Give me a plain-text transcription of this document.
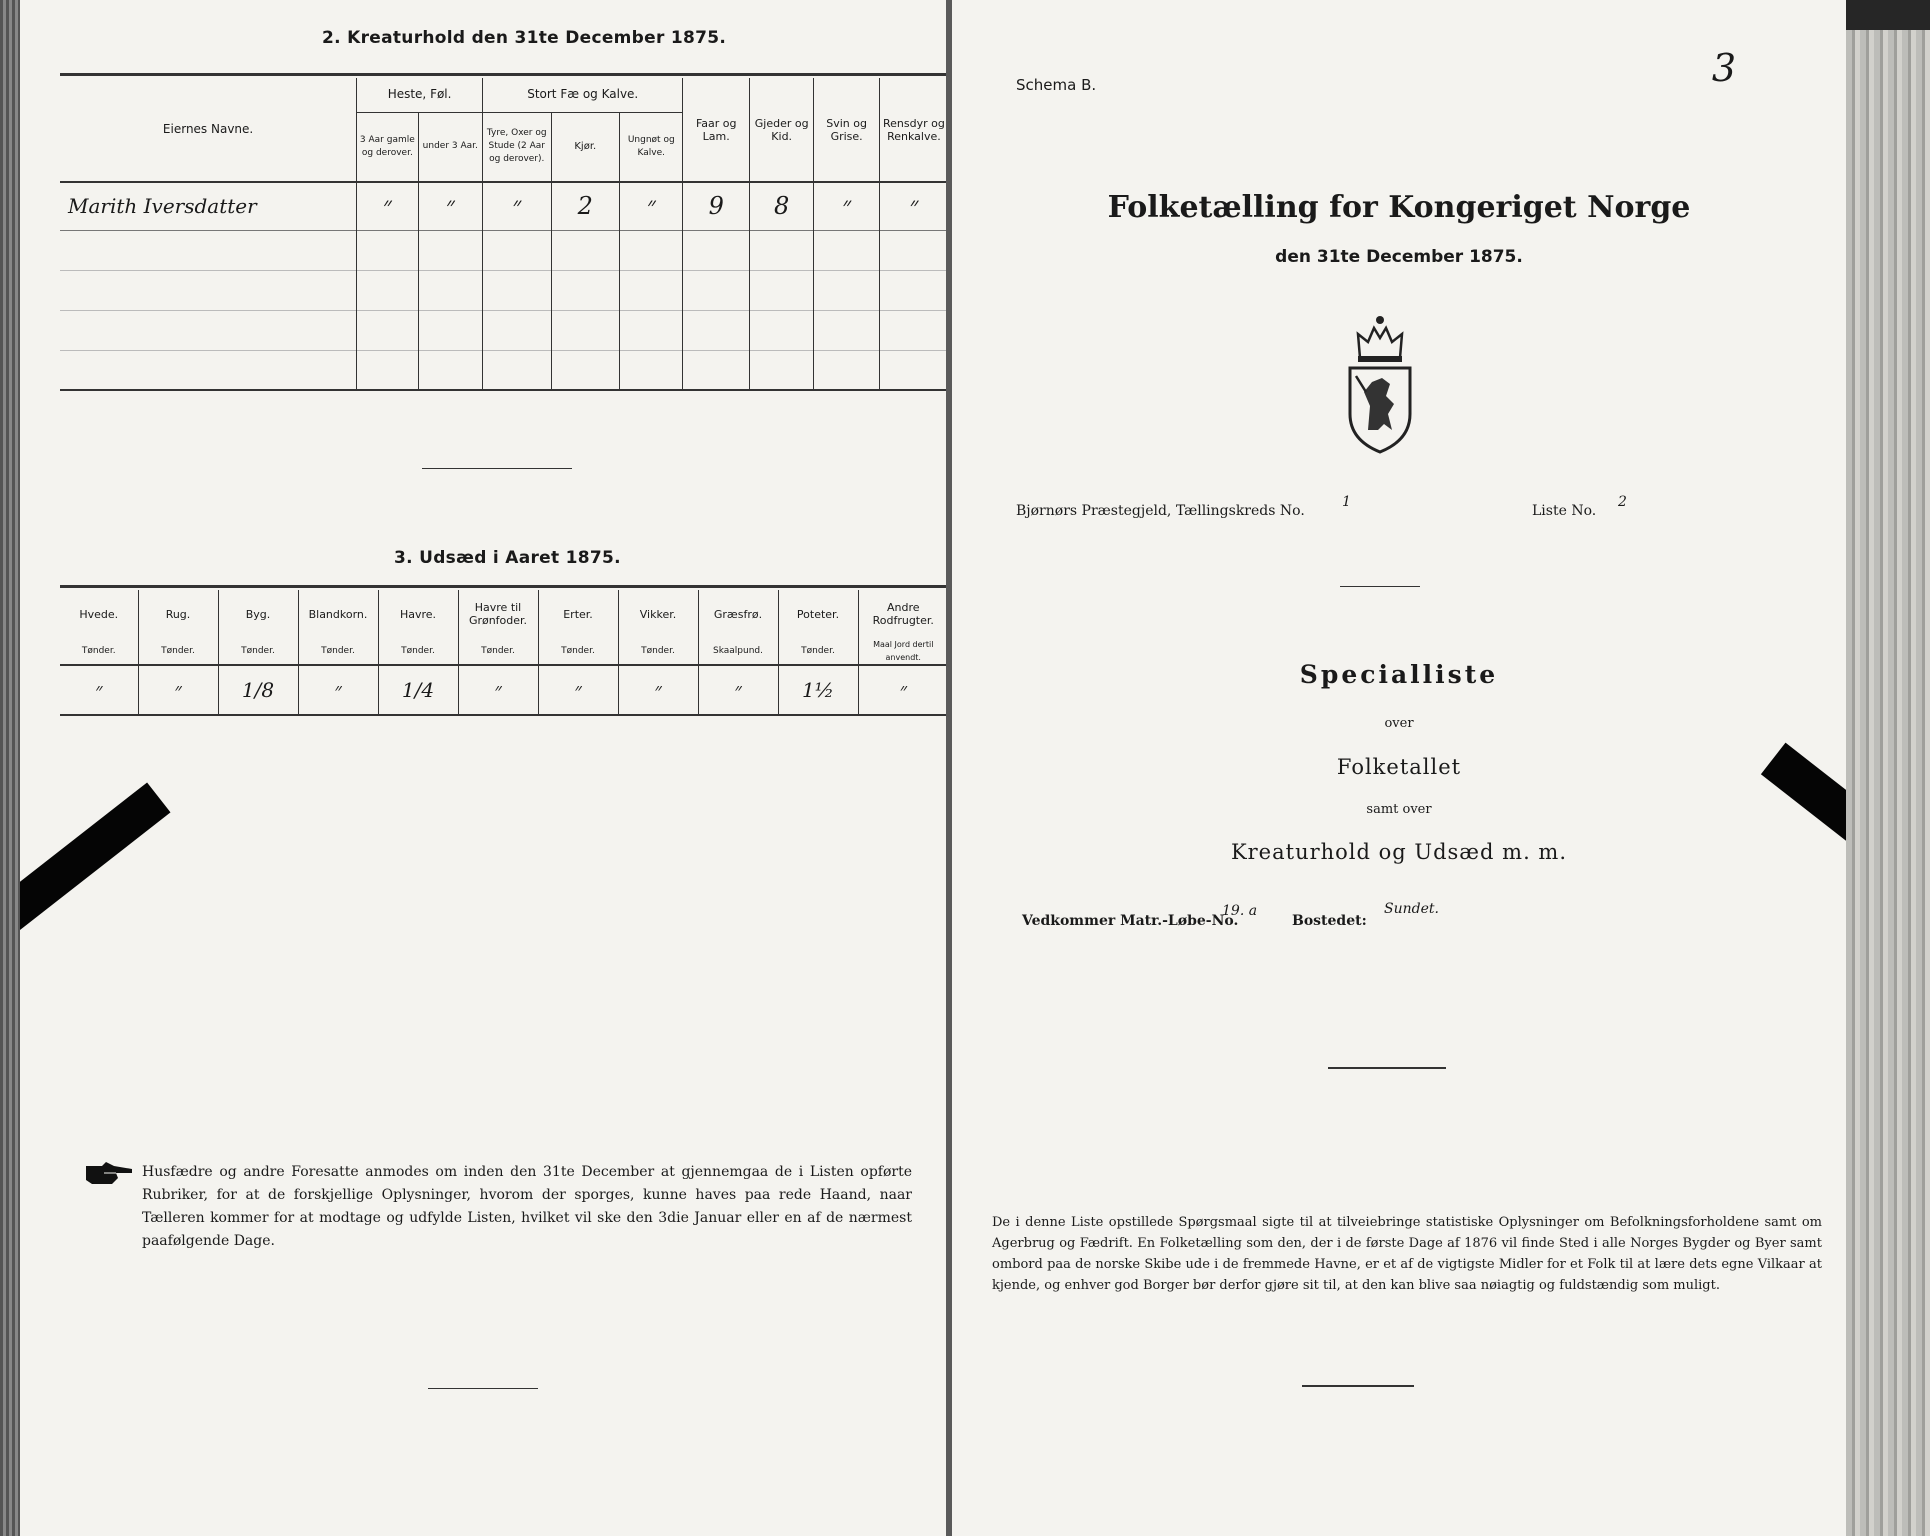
2. Kreaturhold den 31te December 1875.
Eiernes Navne.	Heste, Føl.		Stort Fæ og Kalve.			Faar og Lam.	Gjeder og Kid.	Svin og Grise.	Rensdyr og Renkalve.
	3 Aar gamle og derover.	under 3 Aar.	Tyre, Oxer og Stude (2 Aar og derover).	Kjør.	Ungnøt og Kalve.				
Marith Iversdatter	״	״	״	2	״	9	8	״	״

3. Udsæd i Aaret 1875.
Hvede.	Rug.	Byg.	Blandkorn.	Havre.	Havre til Grønfoder.	Erter.	Vikker.	Græsfrø.	Poteter.	Andre Rodfrugter.
Tønder.	Tønder.	Tønder.	Tønder.	Tønder.	Tønder.	Tønder.	Tønder.	Skaalpund.	Tønder.	Maal Jord dertil anvendt.
״	״	1/8	״	1/4	״	״	״	״	1½	״
Husfædre og andre Foresatte anmodes om inden den 31te December at gjennemgaa de i Listen opførte Rubriker, for at de forskjellige Oplysninger, hvorom der sporges, kunne haves paa rede Haand, naar Tælleren kommer for at modtage og udfylde Listen, hvilket vil ske den 3die Januar eller en af de nærmest paafølgende Dage.
Schema B.	3
Folketælling for Kongeriget Norge
den 31te December 1875.
Bjørnørs Præstegjeld, Tællingskreds No.
1
Liste No.
2
Specialliste
over
Folketallet
samt over
Kreaturhold og Udsæd m. m.
Vedkommer Matr.-Løbe-No.
19. a
Bostedet:
Sundet.
De i denne Liste opstillede Spørgsmaal sigte til at tilveiebringe statistiske Oplysninger om Befolkningsforholdene samt om Agerbrug og Fædrift. En Folketælling som den, der i de første Dage af 1876 vil finde Sted i alle Norges Bygder og Byer samt ombord paa de norske Skibe ude i de fremmede Havne, er et af de vigtigste Midler for et Folk til at lære dets egne Vilkaar at kjende, og enhver god Borger bør derfor gjøre sit til, at den kan blive saa nøiagtig og fuldstændig som muligt.
